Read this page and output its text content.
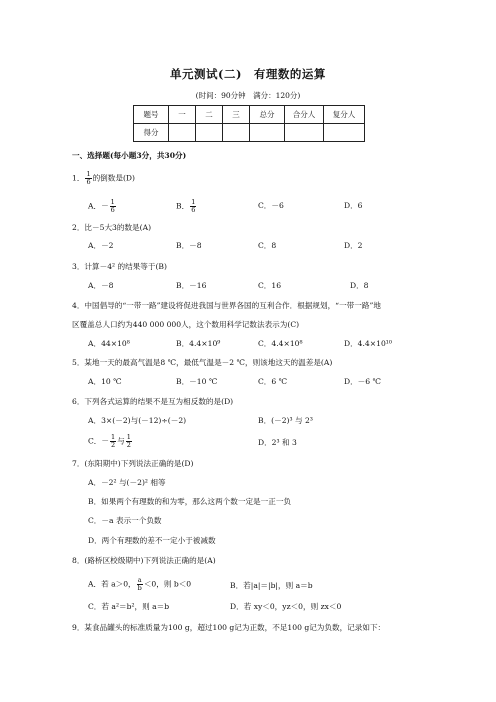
单元测试(二)　有理数的运算
(时间：90分钟　满分：120分)
题号	一	二	三	总分	合分人	复分人
得分						
一、选择题(每小题3分，共30分)
1． $\frac{1}{6}$ 的倒数是(D)
A．－ $\frac{1}{6}$	B． $\frac{1}{6}$	C．－6	D．6
2．比－5大3的数是(A)
A．－2	B．－8	C．8	D．2
3．计算－4² 的结果等于(B)
A．－8	B．－16	C．16	D．8
4．中国倡导的“一带一路”建设将促进我国与世界各国的互利合作．根据规划，“一带一路”地
区覆盖总人口约为440 000 000人，这个数用科学记数法表示为(C)
A．44×10⁸	B．4.4×10⁹	C．4.4×10⁸	D．4.4×10¹⁰
5．某地一天的最高气温是8 ℃，最低气温是－2 ℃，则该地这天的温差是(A)
A．10 ℃	B．－10 ℃	C．6 ℃	D．－6 ℃
6．下列各式运算的结果不是互为相反数的是(D)
A．3×(－2)与(－12)÷(－2)	B．(－2)³ 与 2³
C．－ $\frac{1}{2}$ 与 $\frac{1}{2}$	D．2³ 和 3
7．(东阳期中)下列说法正确的是(D)
A．－2² 与(－2)² 相等
B．如果两个有理数的和为零，那么这两个数一定是一正一负
C．－a 表示一个负数
D．两个有理数的差不一定小于被减数
8．(路桥区校级期中)下列说法正确的是(A)
A．若 a＞0， $\frac{a}{b} <0$，则 b＜0	B．若|a|＝|b|，则 a＝b
C．若 a²＝b²，则 a＝b	D．若 xy＜0，yz＜0，则 zx＜0
9．某食品罐头的标准质量为100 g，超过100 g记为正数，不足100 g记为负数，记录如下：
